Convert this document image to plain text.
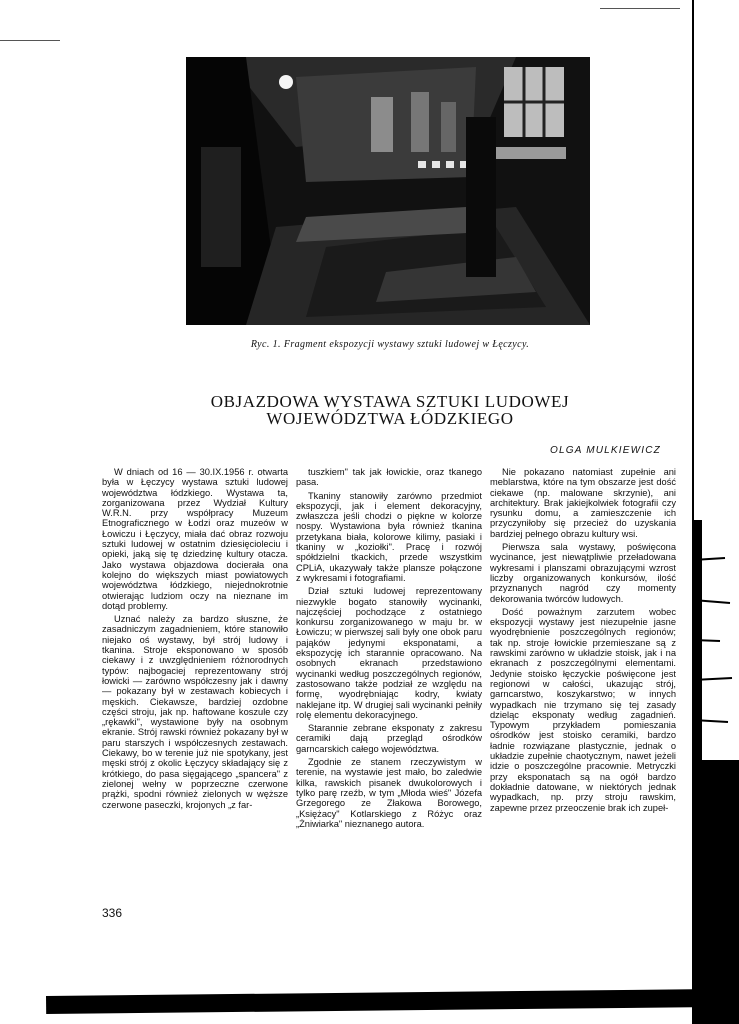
Ryc. 1. Fragment ekspozycji wystawy sztuki ludowej w Łęczycy.
OBJAZDOWA WYSTAWA SZTUKI LUDOWEJ
WOJEWÓDZTWA ŁÓDZKIEGO
OLGA MULKIEWICZ

W dniach od 16 — 30.IX.1956 r. otwarta była w Łęczycy wystawa sztuki ludowej województwa łódzkiego. Wystawa ta, zorganizowana przez Wydział Kultury W.R.N. przy współpracy Muzeum Etnograficznego w Łodzi oraz muzeów w Łowiczu i Łęczycy, miała dać obraz rozwoju sztuki ludowej w ostatnim dziesięcioleciu i opieki, jaką się tę dziedzinę kultury otacza. Jako wystawa objazdowa docierała ona kolejno do większych miast powiatowych województwa łódzkiego, niejednokrotnie otwierając ludziom oczy na nieznane im dotąd problemy.

Uznać należy za bardzo słuszne, że zasadniczym zagadnieniem, które stanowiło niejako oś wystawy, był strój ludowy i tkanina. Stroje eksponowano w sposób ciekawy i z uwzględnieniem różnorodnych typów: najbogaciej reprezentowany strój łowicki — zarówno współczesny jak i dawny — pokazany był w zestawach kobiecych i męskich. Ciekawsze, bardziej ozdobne części stroju, jak np. haftowane koszule czy „rękawki", wystawione były na osobnym ekranie. Strój rawski również pokazany był w paru starszych i współczesnych zestawach. Ciekawy, bo w terenie już nie spotykany, jest męski strój z okolic Łęczycy składający się z krótkiego, do pasa sięgającego „spancera" z zielonej wełny w poprzeczne czerwone prążki, spodni również zielonych w węższe czerwone paseczki, krojonych „z far-

tuszkiem" tak jak łowickie, oraz tkanego pasa.

Tkaniny stanowiły zarówno przedmiot ekspozycji, jak i element dekoracyjny, zwłaszcza jeśli chodzi o piękne w kolorze nospy. Wystawiona była również tkanina przetykana biała, kolorowe kilimy, pasiaki i tkaniny w „koziołki". Pracę i rozwój spółdzielni tkackich, przede wszystkim CPLiA, ukazywały także plansze połączone z wykresami i fotografiami.

Dział sztuki ludowej reprezentowany niezwykle bogato stanowiły wycinanki, najczęściej pochodzące z ostatniego konkursu zorganizowanego w maju br. w Łowiczu; w pierwszej sali były one obok paru pająków jedynymi eksponatami, a ekspozycję ich starannie opracowano. Na osobnych ekranach przedstawiono wycinanki według poszczególnych regionów, zastosowano także podział ze względu na formę, wyodrębniając kodry, kwiaty naklejane itp. W drugiej sali wycinanki pełniły rolę elementu dekoracyjnego.

Starannie zebrane eksponaty z zakresu ceramiki dają przegląd ośrodków garncarskich całego województwa.

Zgodnie ze stanem rzeczywistym w terenie, na wystawie jest mało, bo zaledwie kilka, rawskich pisanek dwukolorowych i tylko parę rzeźb, w tym „Młoda wieś" Józefa Grzegorego ze Złakowa Borowego, „Księżacy" Kotlarskiego z Różyc oraz „Żniwiarka" nieznanego autora.

Nie pokazano natomiast zupełnie ani meblarstwa, które na tym obszarze jest dość ciekawe (np. malowane skrzynie), ani architektury. Brak jakiejkolwiek fotografii czy rysunku domu, a zamieszczenie ich przyczyniłoby się przecież do uzyskania bardziej pełnego obrazu kultury wsi.

Pierwsza sala wystawy, poświęcona wycinance, jest niewątpliwie przeładowana wykresami i planszami obrazującymi wzrost liczby organizowanych konkursów, ilość przyznanych nagród czy momenty dekorowania twórców ludowych.

Dość poważnym zarzutem wobec ekspozycji wystawy jest niezupełnie jasne wyodrębnienie poszczególnych regionów; tak np. stroje łowickie przemieszane są z rawskimi zarówno w układzie stoisk, jak i na ekranach z poszczególnymi elementami. Jedynie stoisko łęczyckie poświęcone jest regionowi w całości, ukazując strój, garncarstwo, koszykarstwo; w innych wypadkach nie trzymano się tej zasady dzieląc eksponaty według zagadnień. Typowym przykładem pomieszania ośrodków jest stoisko ceramiki, bardzo ładnie rozwiązane plastycznie, jednak o układzie zupełnie chaotycznym, nawet jeżeli idzie o poszczególne pracownie. Metryczki przy eksponatach są na ogół bardzo dokładnie datowane, w niektórych jednak wypadkach, np. przy stroju rawskim, zapewne przez przeoczenie brak ich zupeł-

336
